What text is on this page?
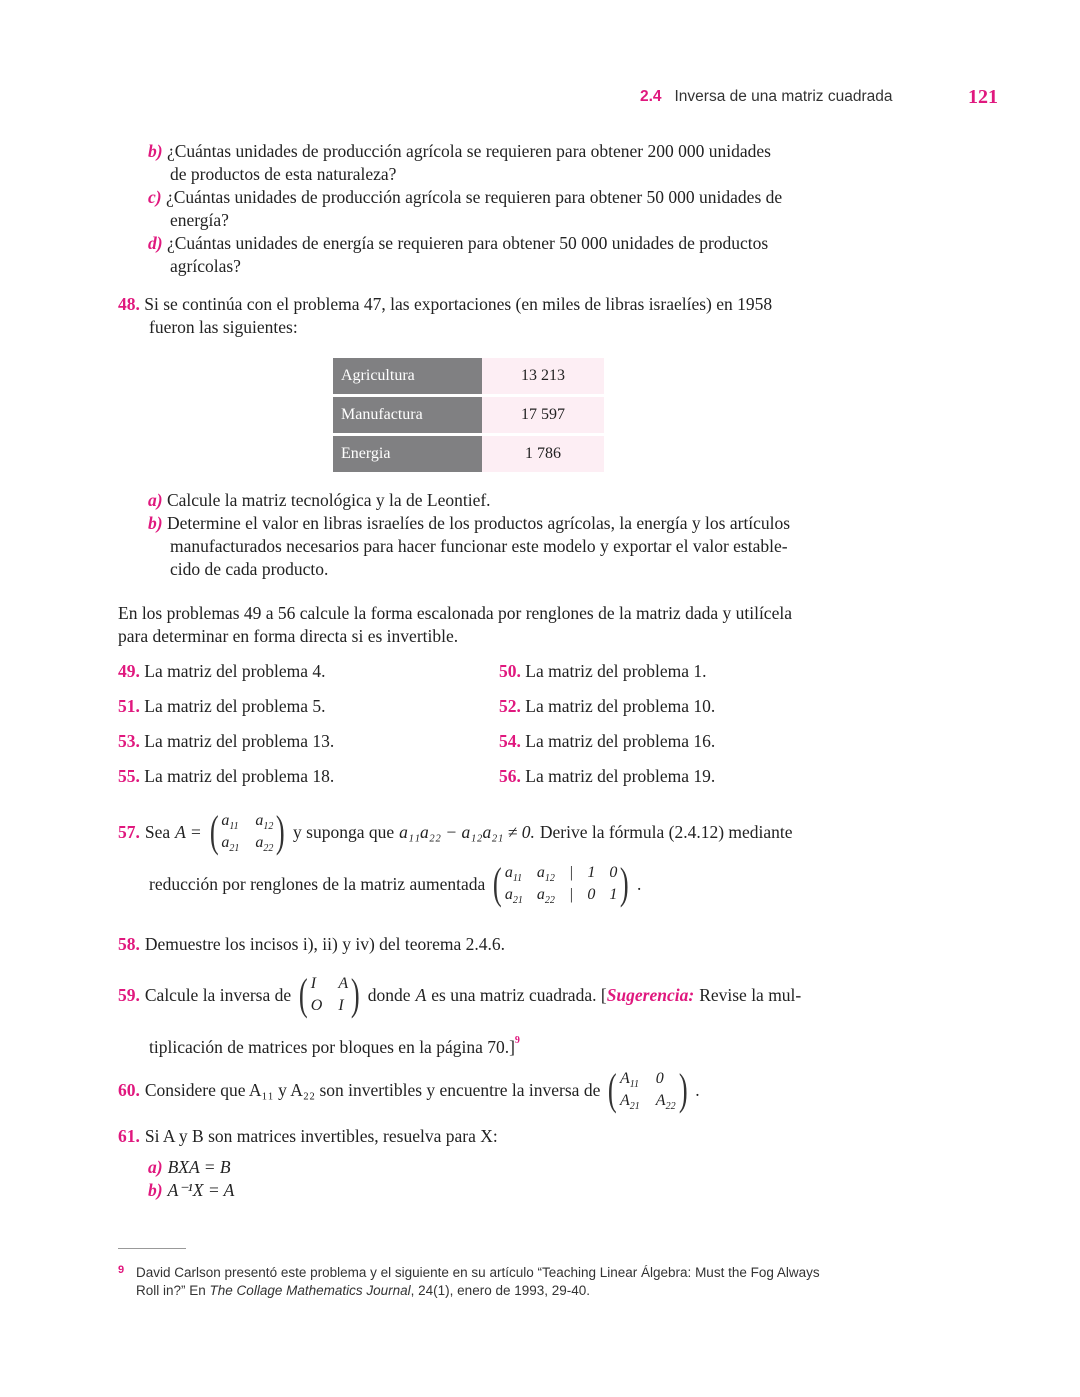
2.4 Inversa de una matriz cuadrada	121
b) ¿Cuántas unidades de producción agrícola se requieren para obtener 200 000 unidades
de productos de esta naturaleza?
c) ¿Cuántas unidades de producción agrícola se requieren para obtener 50 000 unidades de
energía?
d) ¿Cuántas unidades de energía se requieren para obtener 50 000 unidades de productos
agrícolas?
48. Si se continúa con el problema 47, las exportaciones (en miles de libras israelíes) en 1958
fueron las siguientes:
Agricultura	13 213
Manufactura	17 597
Energia	1 786
a) Calcule la matriz tecnológica y la de Leontief.
b) Determine el valor en libras israelíes de los productos agrícolas, la energía y los artículos
manufacturados necesarios para hacer funcionar este modelo y exportar el valor estable-
cido de cada producto.
En los problemas 49 a 56 calcule la forma escalonada por renglones de la matriz dada y utilícela
para determinar en forma directa si es invertible.
49. La matriz del problema 4.	50. La matriz del problema 1.
51. La matriz del problema 5.	52. La matriz del problema 10.
53. La matriz del problema 13.	54. La matriz del problema 16.
55. La matriz del problema 18.	56. La matriz del problema 19.
57. Sea A = ( $a_{11}$ $a_{12}$
$a_{21}$ $a_{22}$ ) y suponga que a₁₁a₂₂ − a₁₂a₂₁ ≠ 0. Derive la fórmula (2.4.12) mediante
reducción por renglones de la matriz aumentada ( $a_{11}$ $a_{12}$ | 1 0
$a_{21}$ $a_{22}$ | 0 1 ) .
58. Demuestre los incisos i), ii) y iv) del teorema 2.4.6.
59. Calcule la inversa de ( I	A
O I ) donde A es una matriz cuadrada. [Sugerencia: Revise la mul-
tiplicación de matrices por bloques en la página 70.]$^9$
60. Considere que A₁₁ y A₂₂ son invertibles y encuentre la inversa de ( $A_{11}$ 0
$A_{21}$ $A_{22}$ ) .
61. Si A y B son matrices invertibles, resuelva para X:
a) BXA = B
b) A⁻¹X = A
9 David Carlson presentó este problema y el siguiente en su artículo “Teaching Linear Álgebra: Must the Fog Always
Roll in?” En The Collage Mathematics Journal, 24(1), enero de 1993, 29-40.
